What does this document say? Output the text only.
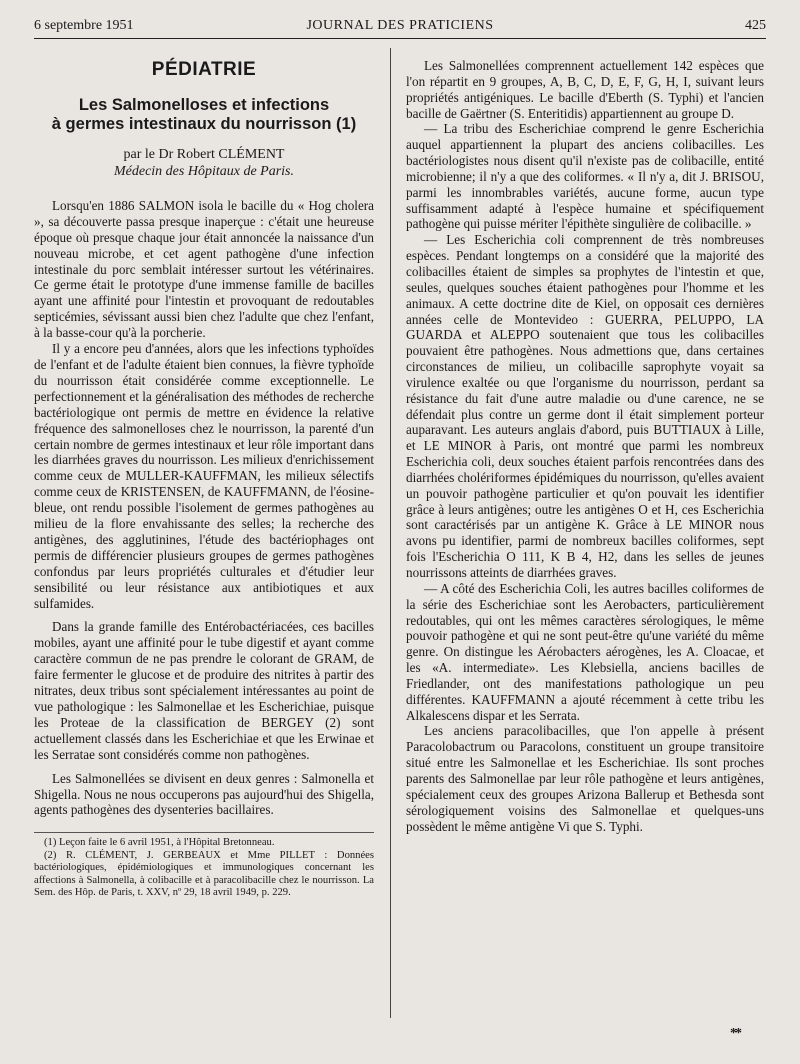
6 septembre 1951	JOURNAL DES PRATICIENS	425
PÉDIATRIE
Les Salmonelloses et infections
à germes intestinaux du nourrisson (1)

par le Dr Robert CLÉMENT

Médecin des Hôpitaux de Paris.

Lorsqu'en 1886 SALMON isola le bacille du « Hog cholera », sa découverte passa presque inaperçue : c'était une heureuse époque où presque chaque jour était annoncée la naissance d'un nouveau microbe, et cet agent pathogène d'une infection intestinale du porc semblait intéresser surtout les vétérinaires. Ce germe était le prototype d'une immense famille de bacilles ayant une affinité pour l'intestin et provoquant de redoutables septicémies, sévissant aussi bien chez l'adulte que chez l'enfant, à la basse-cour qu'à la porcherie.

Il y a encore peu d'années, alors que les infections typhoïdes de l'enfant et de l'adulte étaient bien connues, la fièvre typhoïde du nourrisson était considérée comme exceptionnelle. Le perfectionnement et la généralisation des méthodes de recherche bactériologique ont permis de mettre en évidence la relative fréquence des salmonelloses chez le nourrisson, la parenté d'un certain nombre de germes intestinaux et leur rôle important dans les diarrhées graves du nourrisson. Les milieux d'enrichissement comme ceux de MULLER-KAUFFMAN, les milieux sélectifs comme ceux de KRISTENSEN, de KAUFFMANN, de l'éosine-bleue, ont rendu possible l'isolement de germes pathogènes au milieu de la flore envahissante des selles; la recherche des antigènes, des agglutinines, l'étude des bactériophages ont permis de différencier plusieurs groupes de germes pathogènes confondus par leurs propriétés culturales et d'étudier leur sensibilité ou leur résistance aux antibiotiques et aux sulfamides.

Dans la grande famille des Entérobactériacées, ces bacilles mobiles, ayant une affinité pour le tube digestif et ayant comme caractère commun de ne pas prendre le colorant de GRAM, de faire fermenter le glucose et de produire des nitrites à partir des nitrates, deux tribus sont spécialement intéressantes au point de vue pathologique : les Salmonellae et les Escherichiae, puisque les Proteae de la classification de BERGEY (2) sont actuellement classés dans les Escherichiae et que les Erwinae et les Serratae sont considérés comme non pathogènes.

Les Salmonellées se divisent en deux genres : Salmonella et Shigella. Nous ne nous occuperons pas aujourd'hui des Shigella, agents pathogènes des dysenteries bacillaires.

(1) Leçon faite le 6 avril 1951, à l'Hôpital Bretonneau.

(2) R. CLÉMENT, J. GERBEAUX et Mme PILLET : Données bactériologiques, épidémiologiques et immunologiques concernant les affections à Salmonella, à colibacille et à paracolibacille chez le nourrisson. La Sem. des Hôp. de Paris, t. XXV, nº 29, 18 avril 1949, p. 229.

Les Salmonellées comprennent actuellement 142 espèces que l'on répartit en 9 groupes, A, B, C, D, E, F, G, H, I, suivant leurs propriétés antigéniques. Le bacille d'Eberth (S. Typhi) et l'ancien bacille de Gaërtner (S. Enteritidis) appartiennent au groupe D.

— La tribu des Escherichiae comprend le genre Escherichia auquel appartiennent la plupart des anciens colibacilles. Les bactériologistes nous disent qu'il n'existe pas de colibacille, entité microbienne; il n'y a que des coliformes. « Il n'y a, dit J. BRISOU, parmi les innombrables variétés, aucune forme, aucun type suffisamment adapté à l'espèce humaine et spécifiquement pathogène qui puisse mériter l'épithète singulière de colibacille. »

— Les Escherichia coli comprennent de très nombreuses espèces. Pendant longtemps on a considéré que la majorité des colibacilles étaient de simples sa prophytes de l'intestin et que, seules, quelques souches étaient pathogènes pour l'homme et les animaux. A cette doctrine dite de Kiel, on opposait ces dernières années celle de Montevideo : GUERRA, PELUPPO, LA GUARDA et ALEPPO soutenaient que tous les colibacilles pouvaient être pathogènes. Nous admettions que, dans certaines circonstances de milieu, un colibacille saprophyte voyait sa virulence exaltée ou que l'organisme du nourrisson, perdant sa résistance du fait d'une autre maladie ou d'une carence, ne se défendait plus contre un germe dont il était simplement porteur auparavant. Les auteurs anglais d'abord, puis BUTTIAUX à Lille, et LE MINOR à Paris, ont montré que parmi les nombreux Escherichia coli, deux souches étaient parfois rencontrées dans des diarrhées cholériformes épidémiques du nourrisson, qu'elles avaient un pouvoir pathogène particulier et qu'on pouvait les identifier grâce à leurs antigènes; outre les antigènes O et H, ces Escherichia sont caractérisés par un antigène K. Grâce à LE MINOR nous avons pu identifier, parmi de nombreux bacilles coliformes, sept fois l'Escherichia O 111, K B 4, H2, dans les selles de jeunes nourrissons atteints de diarrhées graves.

— A côté des Escherichia Coli, les autres bacilles coliformes de la série des Escherichiae sont les Aerobacters, particulièrement redoutables, qui ont les mêmes caractères sérologiques, le même pouvoir pathogène et qui ne sont peut-être qu'une variété du même genre. On distingue les Aérobacters aérogènes, les A. Cloacae, et les «A. intermediate». Les Klebsiella, anciens bacilles de Friedlander, ont des manifestations pathologique un peu différentes. KAUFFMANN a ajouté récemment à cette tribu les Alkalescens dispar et les Serrata.

Les anciens paracolibacilles, que l'on appelle à présent Paracolobactrum ou Paracolons, constituent un groupe transitoire situé entre les Salmonellae et les Escherichiae. Ils sont proches parents des Salmonellae par leur rôle pathogène et leurs antigènes, spécialement ceux des groupes Arizona Ballerup et Bethesda sont sérologiquement voisins des Salmonellae et quelques-uns possèdent le même antigène Vi que S. Typhi.

**
